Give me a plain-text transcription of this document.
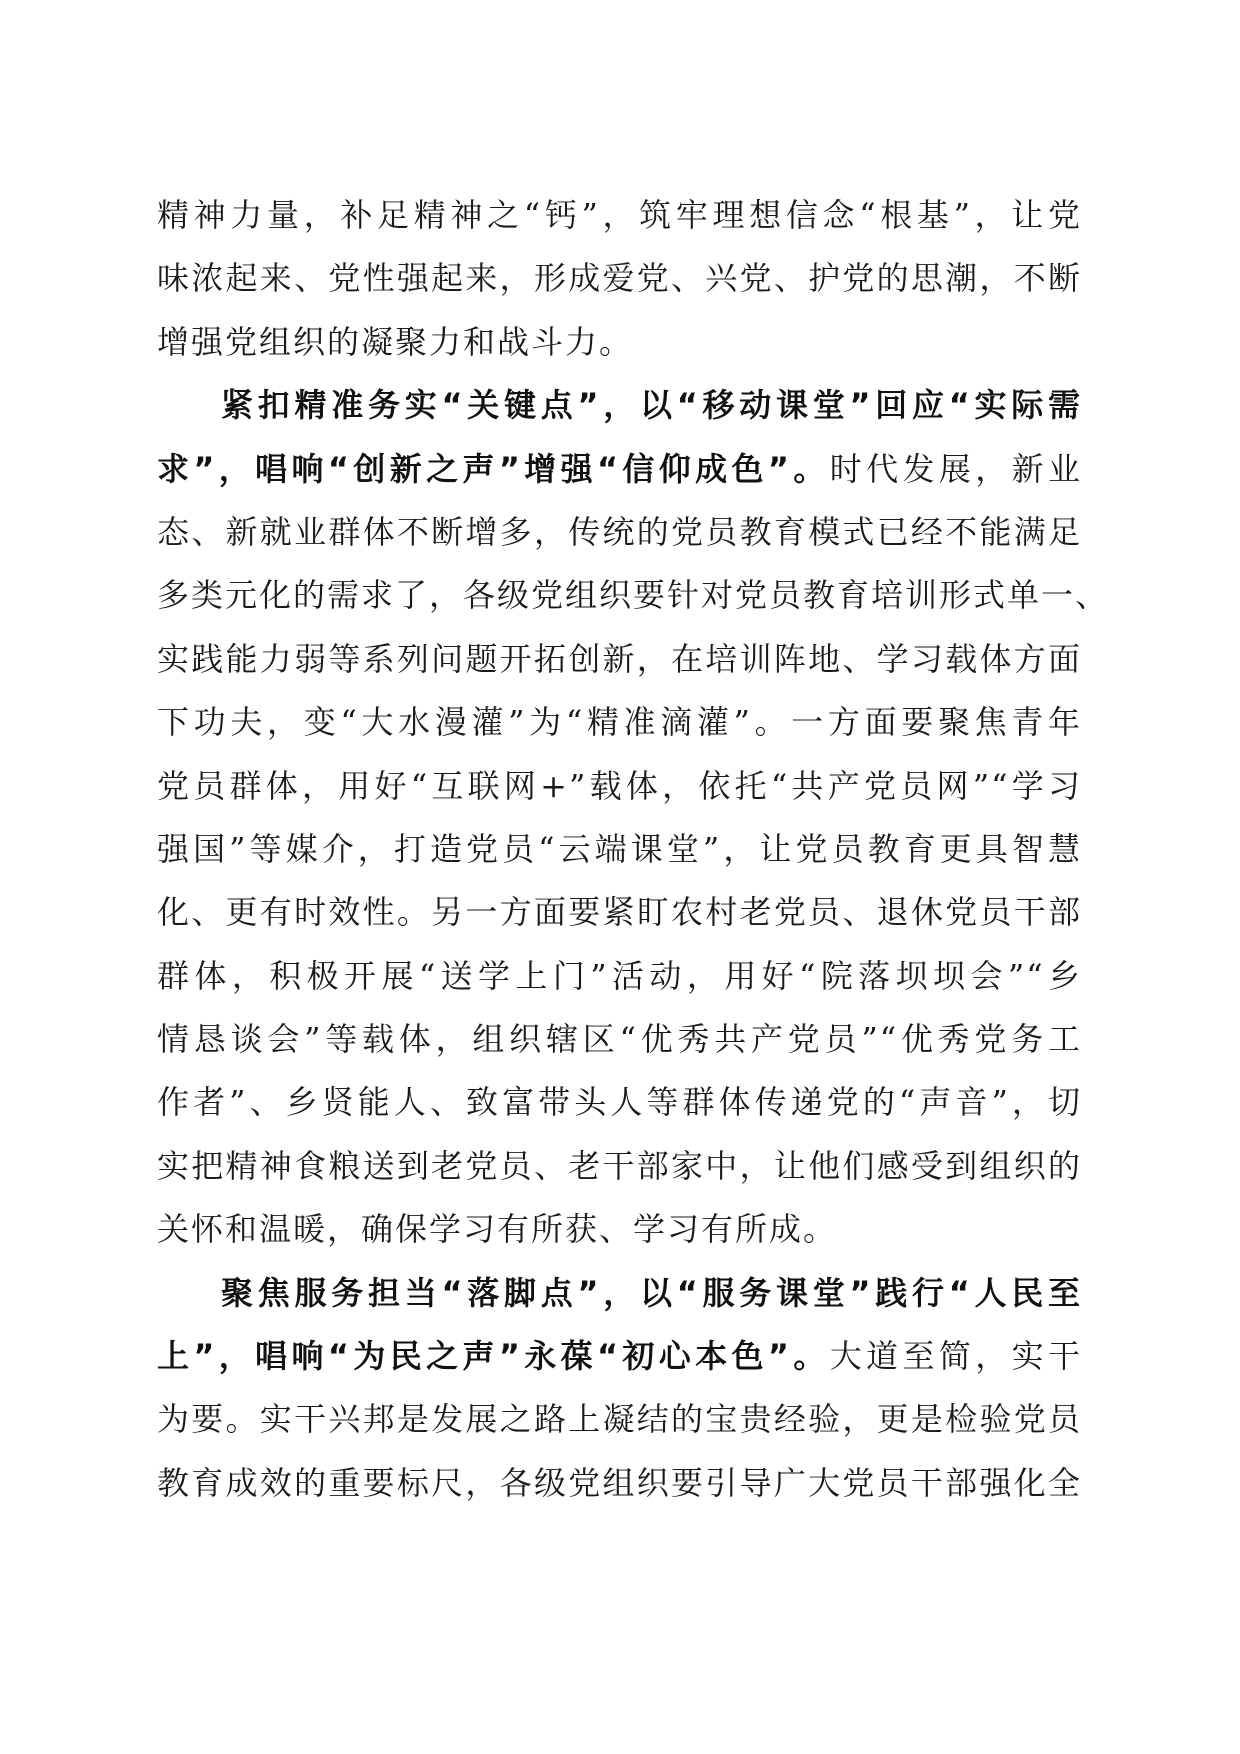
精神力量，补足精神之“钙”，筑牢理想信念“根基”，让党
味浓起来、党性强起来，形成爱党、兴党、护党的思潮，不断
增强党组织的凝聚力和战斗力。
紧扣精准务实“关键点”，以“移动课堂”回应“实际需
求”，唱响“创新之声”增强“信仰成色”。时代发展，新业
态、新就业群体不断增多，传统的党员教育模式已经不能满足
多类元化的需求了，各级党组织要针对党员教育培训形式单一、
实践能力弱等系列问题开拓创新，在培训阵地、学习载体方面
下功夫，变“大水漫灌”为“精准滴灌”。一方面要聚焦青年
党员群体，用好“互联网+”载体，依托“共产党员网”“学习
强国”等媒介，打造党员“云端课堂”，让党员教育更具智慧
化、更有时效性。另一方面要紧盯农村老党员、退休党员干部
群体，积极开展“送学上门”活动，用好“院落坝坝会”“乡
情恳谈会”等载体，组织辖区“优秀共产党员”“优秀党务工
作者”、乡贤能人、致富带头人等群体传递党的“声音”，切
实把精神食粮送到老党员、老干部家中，让他们感受到组织的
关怀和温暖，确保学习有所获、学习有所成。
聚焦服务担当“落脚点”，以“服务课堂”践行“人民至
上”，唱响“为民之声”永葆“初心本色”。大道至简，实干
为要。实干兴邦是发展之路上凝结的宝贵经验，更是检验党员
教育成效的重要标尺，各级党组织要引导广大党员干部强化全
